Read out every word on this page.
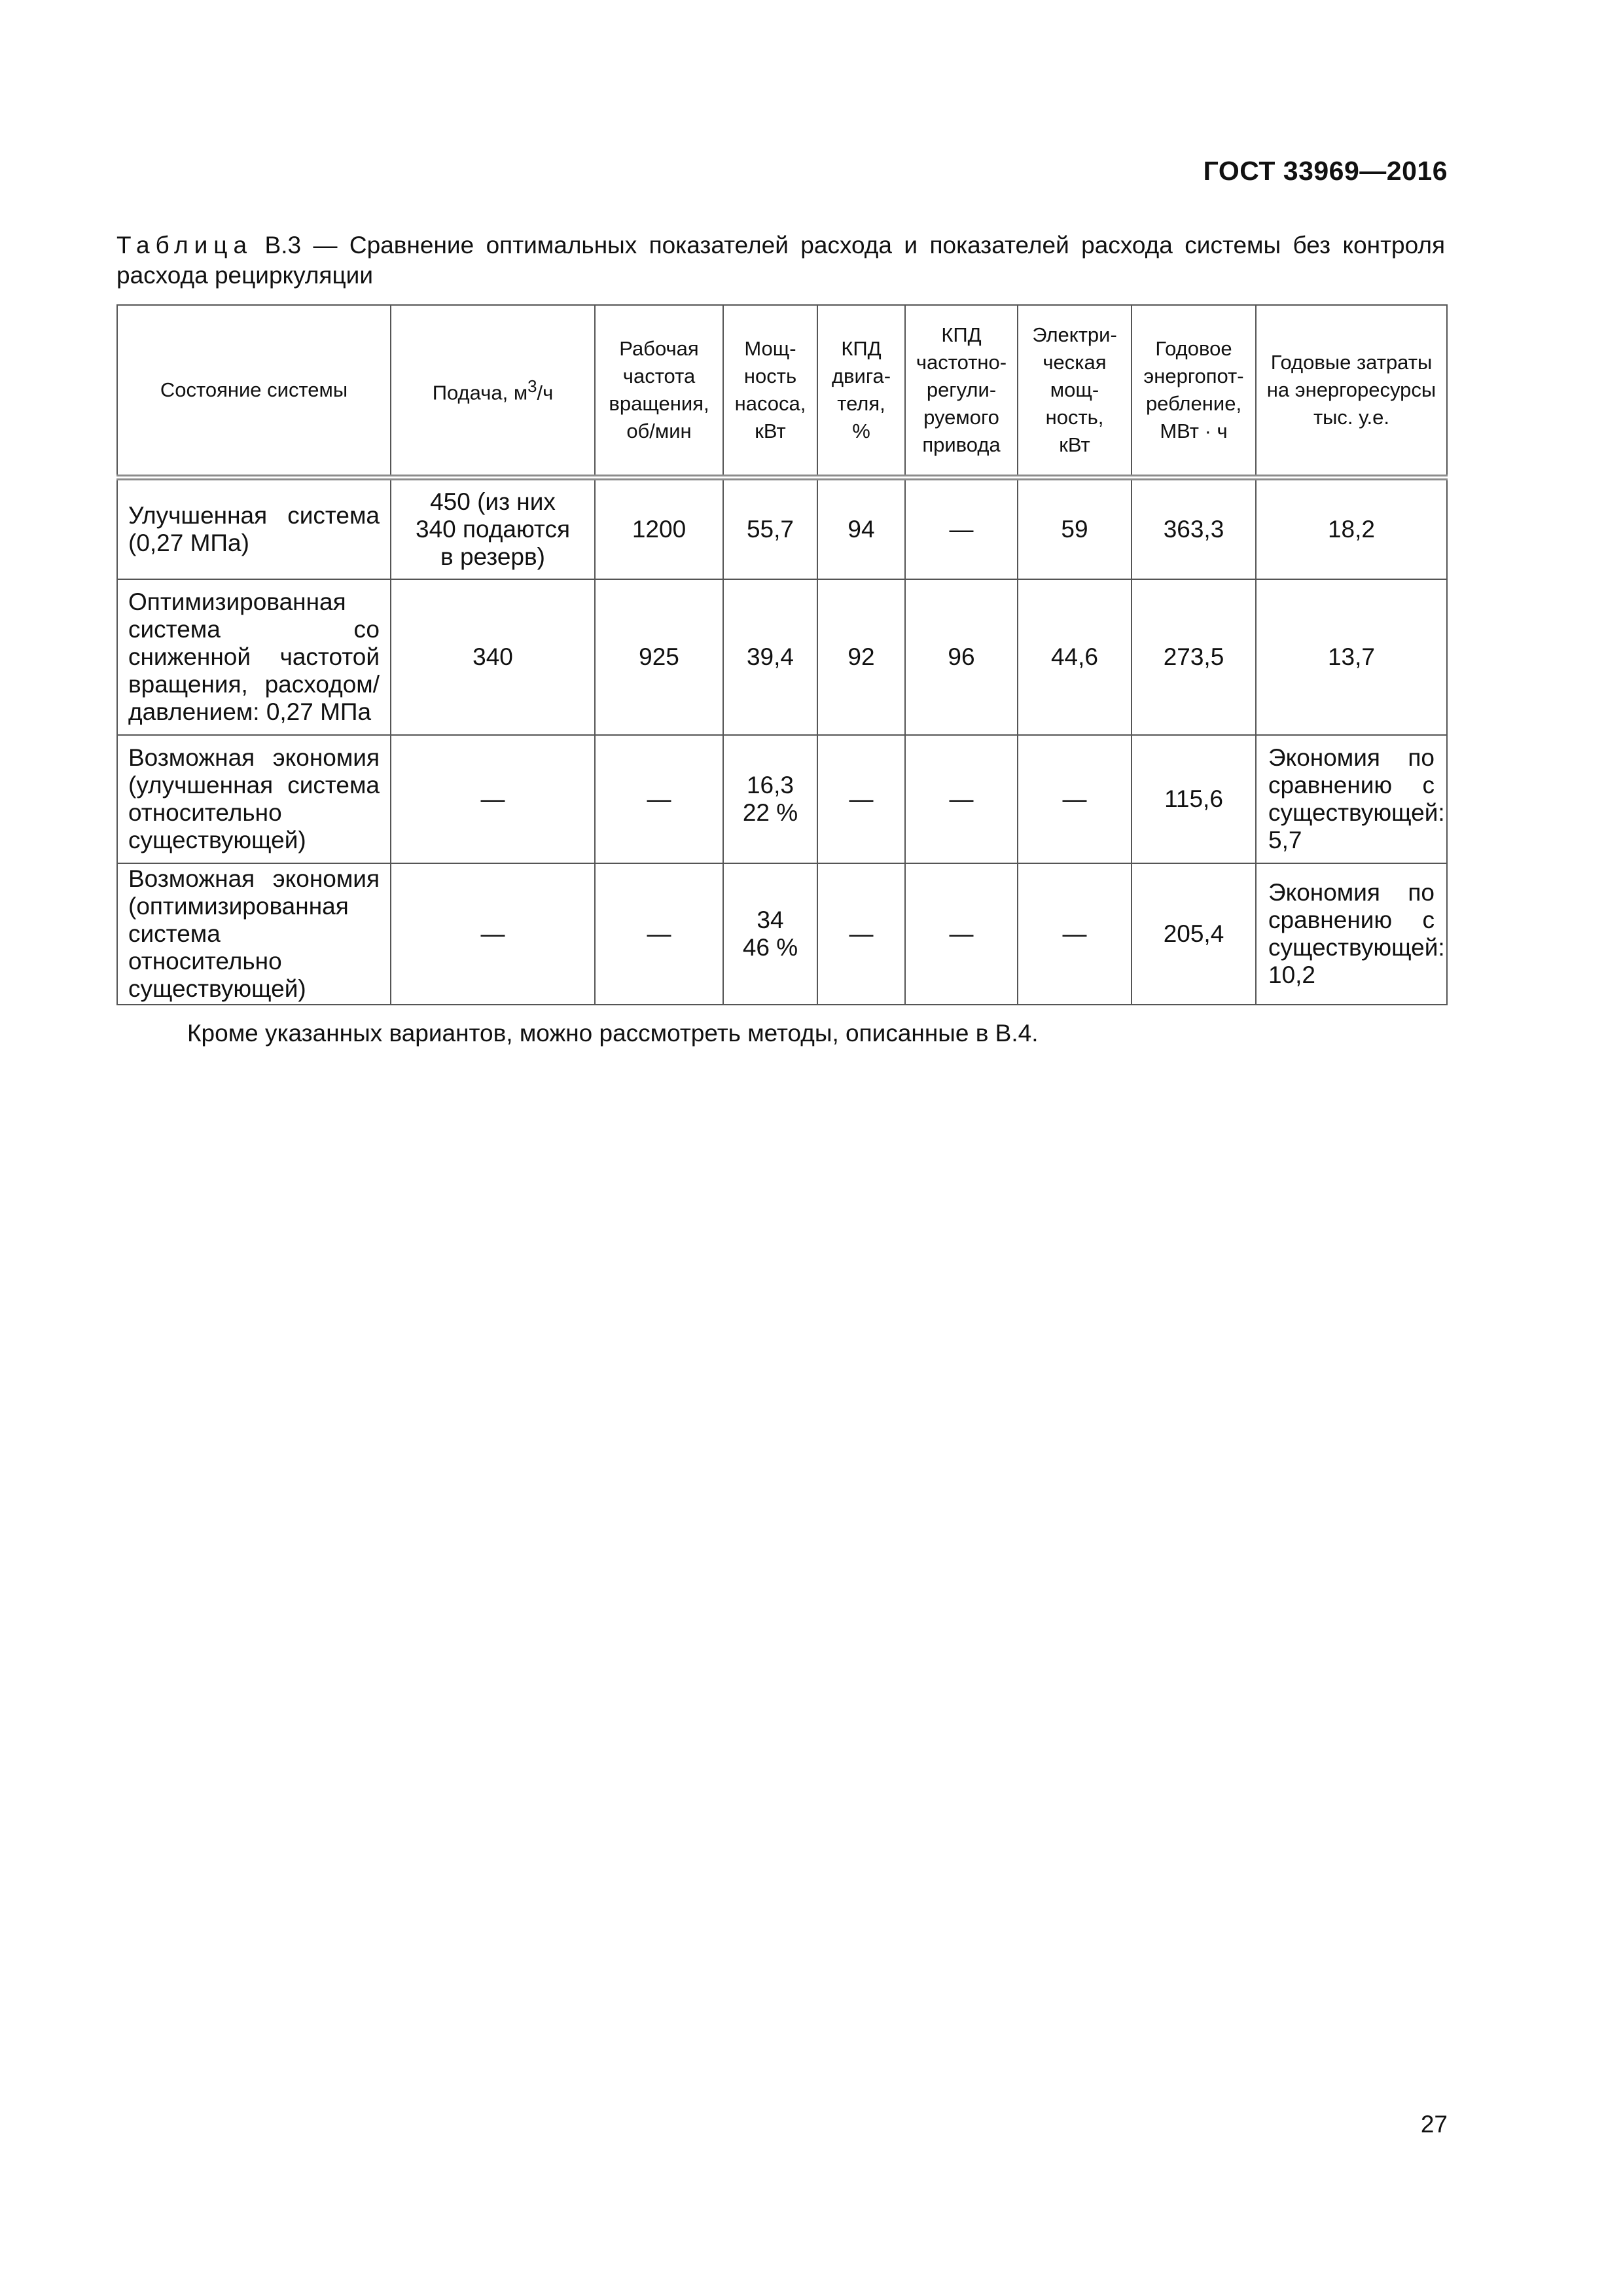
ГОСТ 33969—2016
Таблица В.3 — Сравнение оптимальных показателей расхода и показателей расхода системы без контроля расхода рециркуляции
Состояние системы	Подача, $м^3/ч$	Рабочая частота вращения, об/мин	Мощ-
ность насоса, кВт	КПД двига-
теля,
%	КПД частотно-
регули-
руемого привода	Электри-
ческая мощ-
ность,
кВт	Годовое энергопот-
ребление,
МВт · ч	Годовые затраты на энергоресурсы тыс. у.е.
Улучшенная система (0,27 МПа)	450 (из них
340 подаются
в резерв)	1200	55,7	94	—	59	363,3	18,2
Оптимизированная система со сниженной частотой вращения, расходом/давлением: 0,27 МПа	340	925	39,4	92	96	44,6	273,5	13,7
Возможная экономия (улучшенная система относительно существующей)	—	—	16,3
22 %	—	—	—	115,6	Экономия по сравнению с существующей: 5,7
Возможная экономия (оптимизированная система относительно существующей)	—	—	34
46 %	—	—	—	205,4	Экономия по сравнению с существующей: 10,2
Кроме указанных вариантов, можно рассмотреть методы, описанные в В.4.
27
